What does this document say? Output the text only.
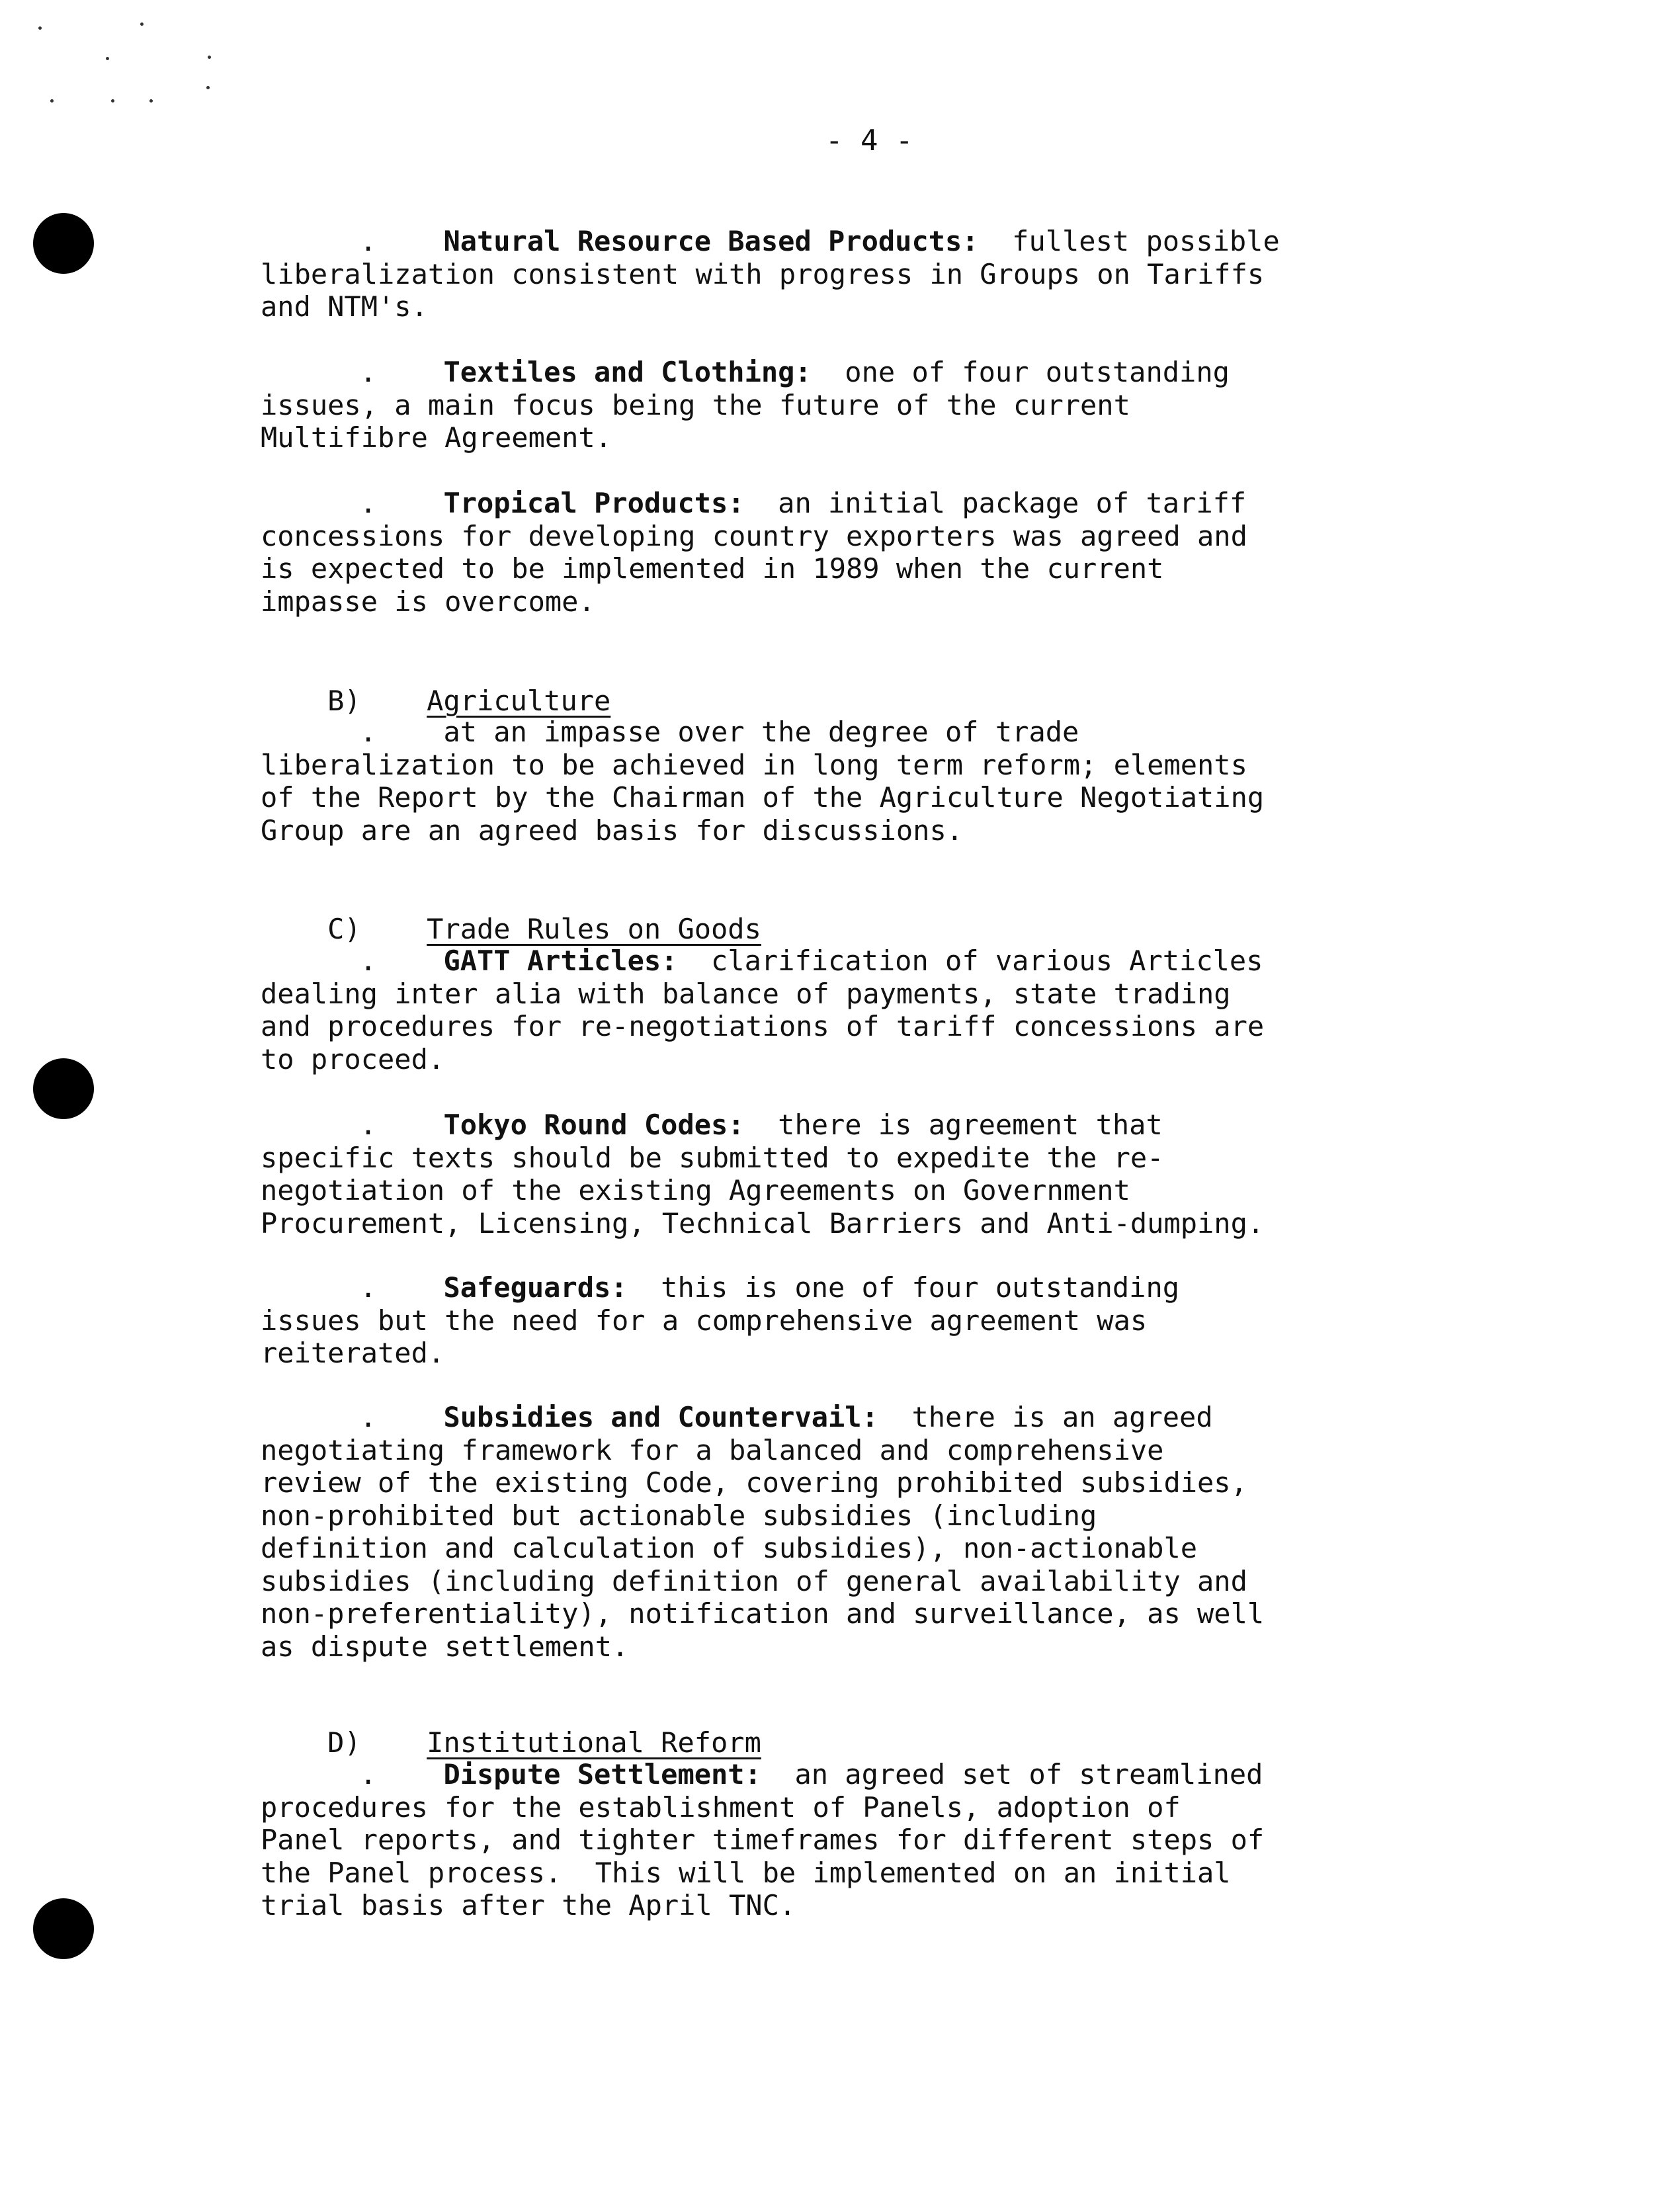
- 4 -
.    Natural Resource Based Products:  fullest possible
liberalization consistent with progress in Groups on Tariffs
and NTM's.
.    Textiles and Clothing:  one of four outstanding
issues, a main focus being the future of the current
Multifibre Agreement.
.    Tropical Products:  an initial package of tariff
concessions for developing country exporters was agreed and
is expected to be implemented in 1989 when the current
impasse is overcome.

B) Agriculture

.    at an impasse over the degree of trade
liberalization to be achieved in long term reform; elements
of the Report by the Chairman of the Agriculture Negotiating
Group are an agreed basis for discussions.

C) Trade Rules on Goods

.    GATT Articles:  clarification of various Articles
dealing inter alia with balance of payments, state trading
and procedures for re-negotiations of tariff concessions are
to proceed.
.    Tokyo Round Codes:  there is agreement that
specific texts should be submitted to expedite the re-
negotiation of the existing Agreements on Government
Procurement, Licensing, Technical Barriers and Anti-dumping.
.    Safeguards:  this is one of four outstanding
issues but the need for a comprehensive agreement was
reiterated.
.    Subsidies and Countervail:  there is an agreed
negotiating framework for a balanced and comprehensive
review of the existing Code, covering prohibited subsidies,
non-prohibited but actionable subsidies (including
definition and calculation of subsidies), non-actionable
subsidies (including definition of general availability and
non-preferentiality), notification and surveillance, as well
as dispute settlement.

D) Institutional Reform

.    Dispute Settlement:  an agreed set of streamlined
procedures for the establishment of Panels, adoption of
Panel reports, and tighter timeframes for different steps of
the Panel process.  This will be implemented on an initial
trial basis after the April TNC.
